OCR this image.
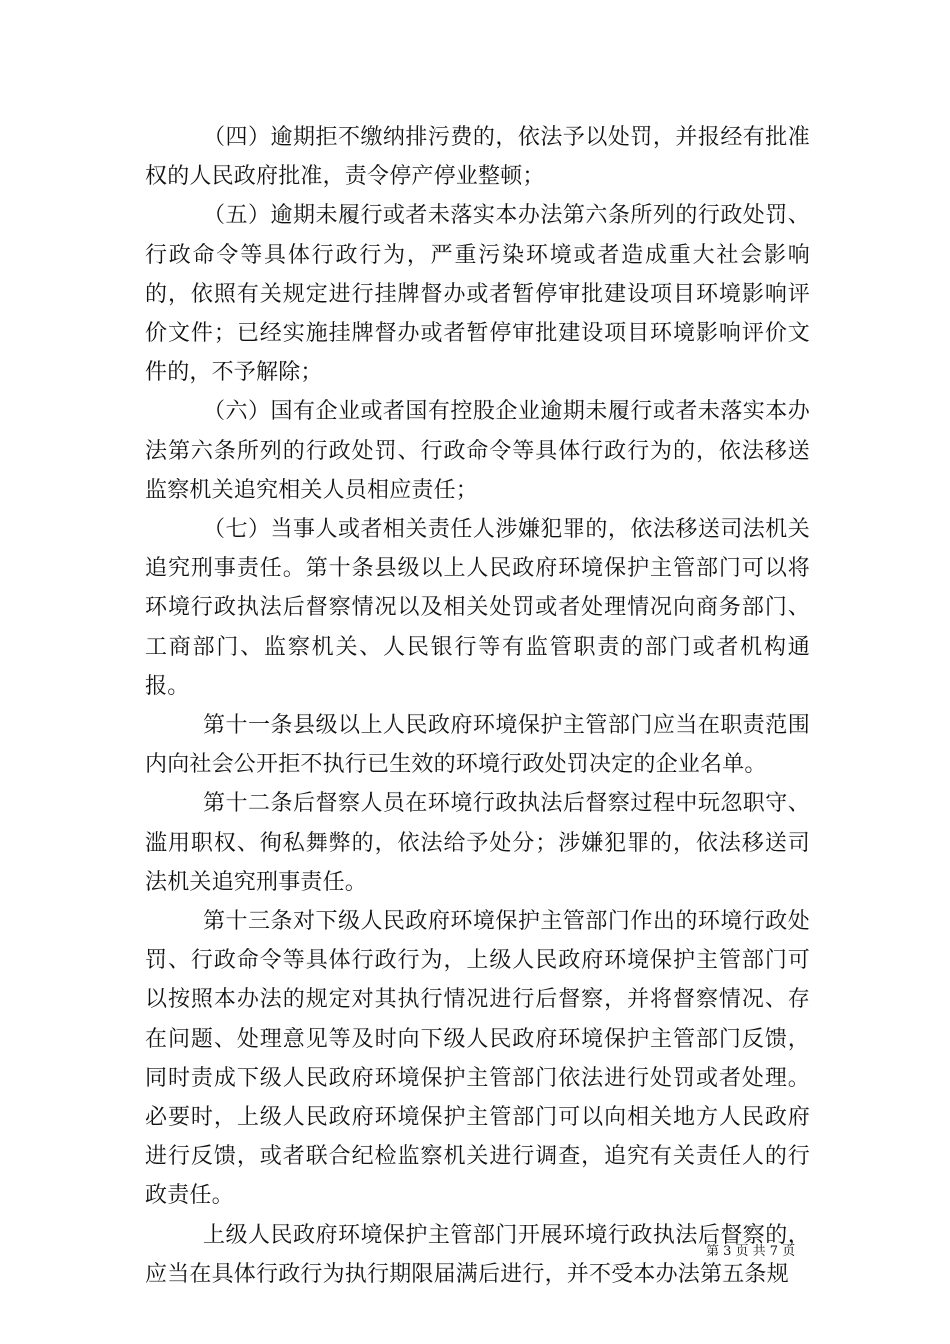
（四）逾期拒不缴纳排污费的，依法予以处罚，并报经有批准权的人民政府批准，责令停产停业整顿；

（五）逾期未履行或者未落实本办法第六条所列的行政处罚、行政命令等具体行政行为，严重污染环境或者造成重大社会影响的，依照有关规定进行挂牌督办或者暂停审批建设项目环境影响评价文件；已经实施挂牌督办或者暂停审批建设项目环境影响评价文件的，不予解除；

（六）国有企业或者国有控股企业逾期未履行或者未落实本办法第六条所列的行政处罚、行政命令等具体行政行为的，依法移送监察机关追究相关人员相应责任；

（七）当事人或者相关责任人涉嫌犯罪的，依法移送司法机关追究刑事责任。第十条县级以上人民政府环境保护主管部门可以将环境行政执法后督察情况以及相关处罚或者处理情况向商务部门、工商部门、监察机关、人民银行等有监管职责的部门或者机构通报。

第十一条县级以上人民政府环境保护主管部门应当在职责范围内向社会公开拒不执行已生效的环境行政处罚决定的企业名单。

第十二条后督察人员在环境行政执法后督察过程中玩忽职守、滥用职权、徇私舞弊的，依法给予处分；涉嫌犯罪的，依法移送司法机关追究刑事责任。

第十三条对下级人民政府环境保护主管部门作出的环境行政处罚、行政命令等具体行政行为，上级人民政府环境保护主管部门可以按照本办法的规定对其执行情况进行后督察，并将督察情况、存在问题、处理意见等及时向下级人民政府环境保护主管部门反馈，同时责成下级人民政府环境保护主管部门依法进行处罚或者处理。必要时，上级人民政府环境保护主管部门可以向相关地方人民政府进行反馈，或者联合纪检监察机关进行调查，追究有关责任人的行政责任。

上级人民政府环境保护主管部门开展环境行政执法后督察的，应当在具体行政行为执行期限届满后进行，并不受本办法第五条规

第 3 页 共 7 页
